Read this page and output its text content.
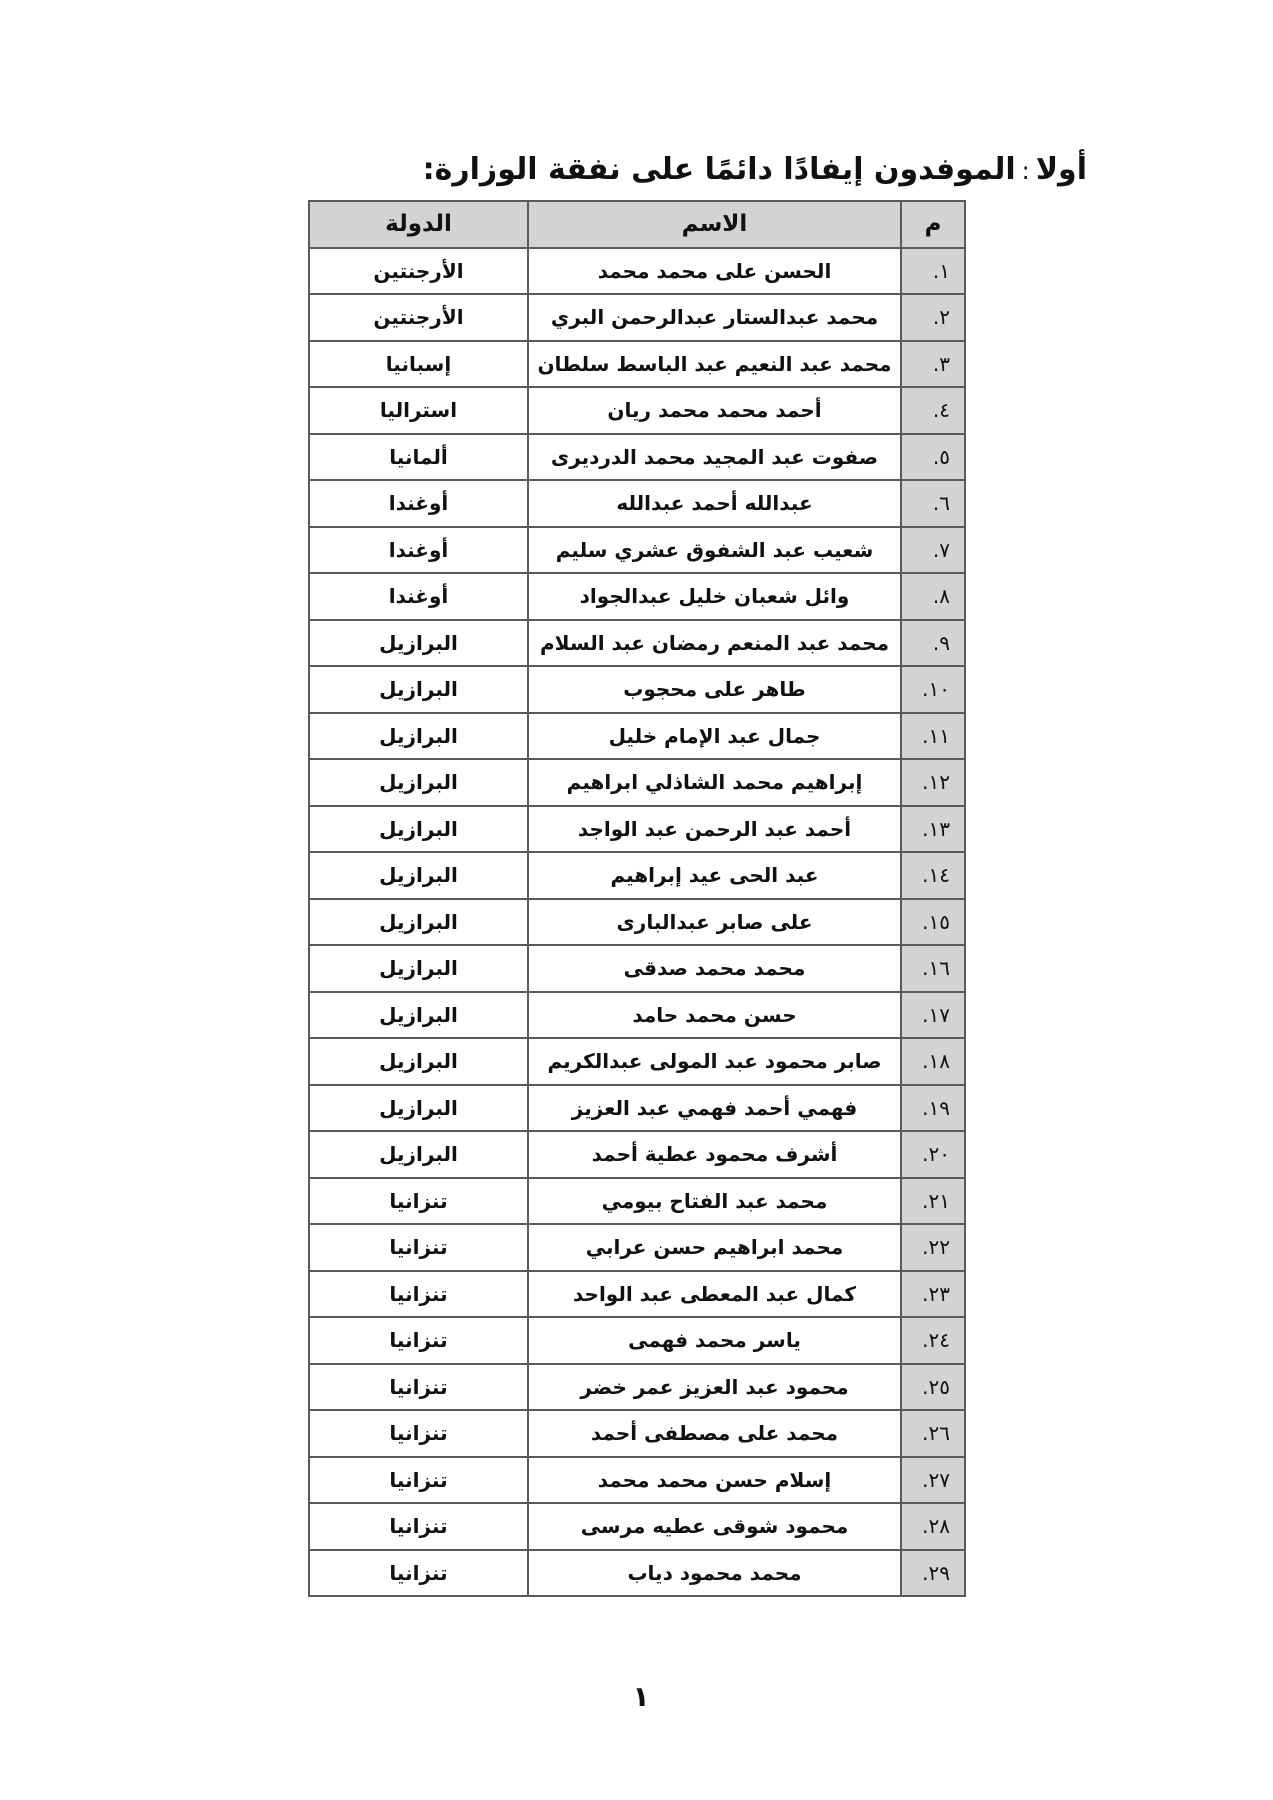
أولا:الموفدون إيفادًا دائمًا على نفقة الوزارة:
م	الاسم	الدولة
١.	الحسن على محمد محمد	الأرجنتين
٢.	محمد عبدالستار عبدالرحمن البري	الأرجنتين
٣.	محمد عبد النعيم عبد الباسط سلطان	إسبانيا
٤.	أحمد محمد محمد ريان	استراليا
٥.	صفوت عبد المجيد محمد الدرديرى	ألمانيا
٦.	عبدالله أحمد عبدالله	أوغندا
٧.	شعيب عبد الشفوق عشري سليم	أوغندا
٨.	وائل شعبان خليل عبدالجواد	أوغندا
٩.	محمد عبد المنعم رمضان عبد السلام	البرازيل
١٠.	طاهر على محجوب	البرازيل
١١.	جمال عبد الإمام خليل	البرازيل
١٢.	إبراهيم محمد الشاذلي ابراهيم	البرازيل
١٣.	أحمد عبد الرحمن عبد الواجد	البرازيل
١٤.	عبد الحى عيد إبراهيم	البرازيل
١٥.	على صابر عبدالبارى	البرازيل
١٦.	محمد محمد صدقى	البرازيل
١٧.	حسن محمد حامد	البرازيل
١٨.	صابر محمود عبد المولى عبدالكريم	البرازيل
١٩.	فهمي أحمد فهمي عبد العزيز	البرازيل
٢٠.	أشرف محمود عطية أحمد	البرازيل
٢١.	محمد عبد الفتاح بيومي	تنزانيا
٢٢.	محمد ابراهيم حسن عرابي	تنزانيا
٢٣.	كمال عبد المعطى عبد الواحد	تنزانيا
٢٤.	ياسر محمد فهمى	تنزانيا
٢٥.	محمود عبد العزيز عمر خضر	تنزانيا
٢٦.	محمد على مصطفى أحمد	تنزانيا
٢٧.	إسلام حسن محمد محمد	تنزانيا
٢٨.	محمود شوقى عطيه مرسى	تنزانيا
٢٩.	محمد محمود دياب	تنزانيا
١
